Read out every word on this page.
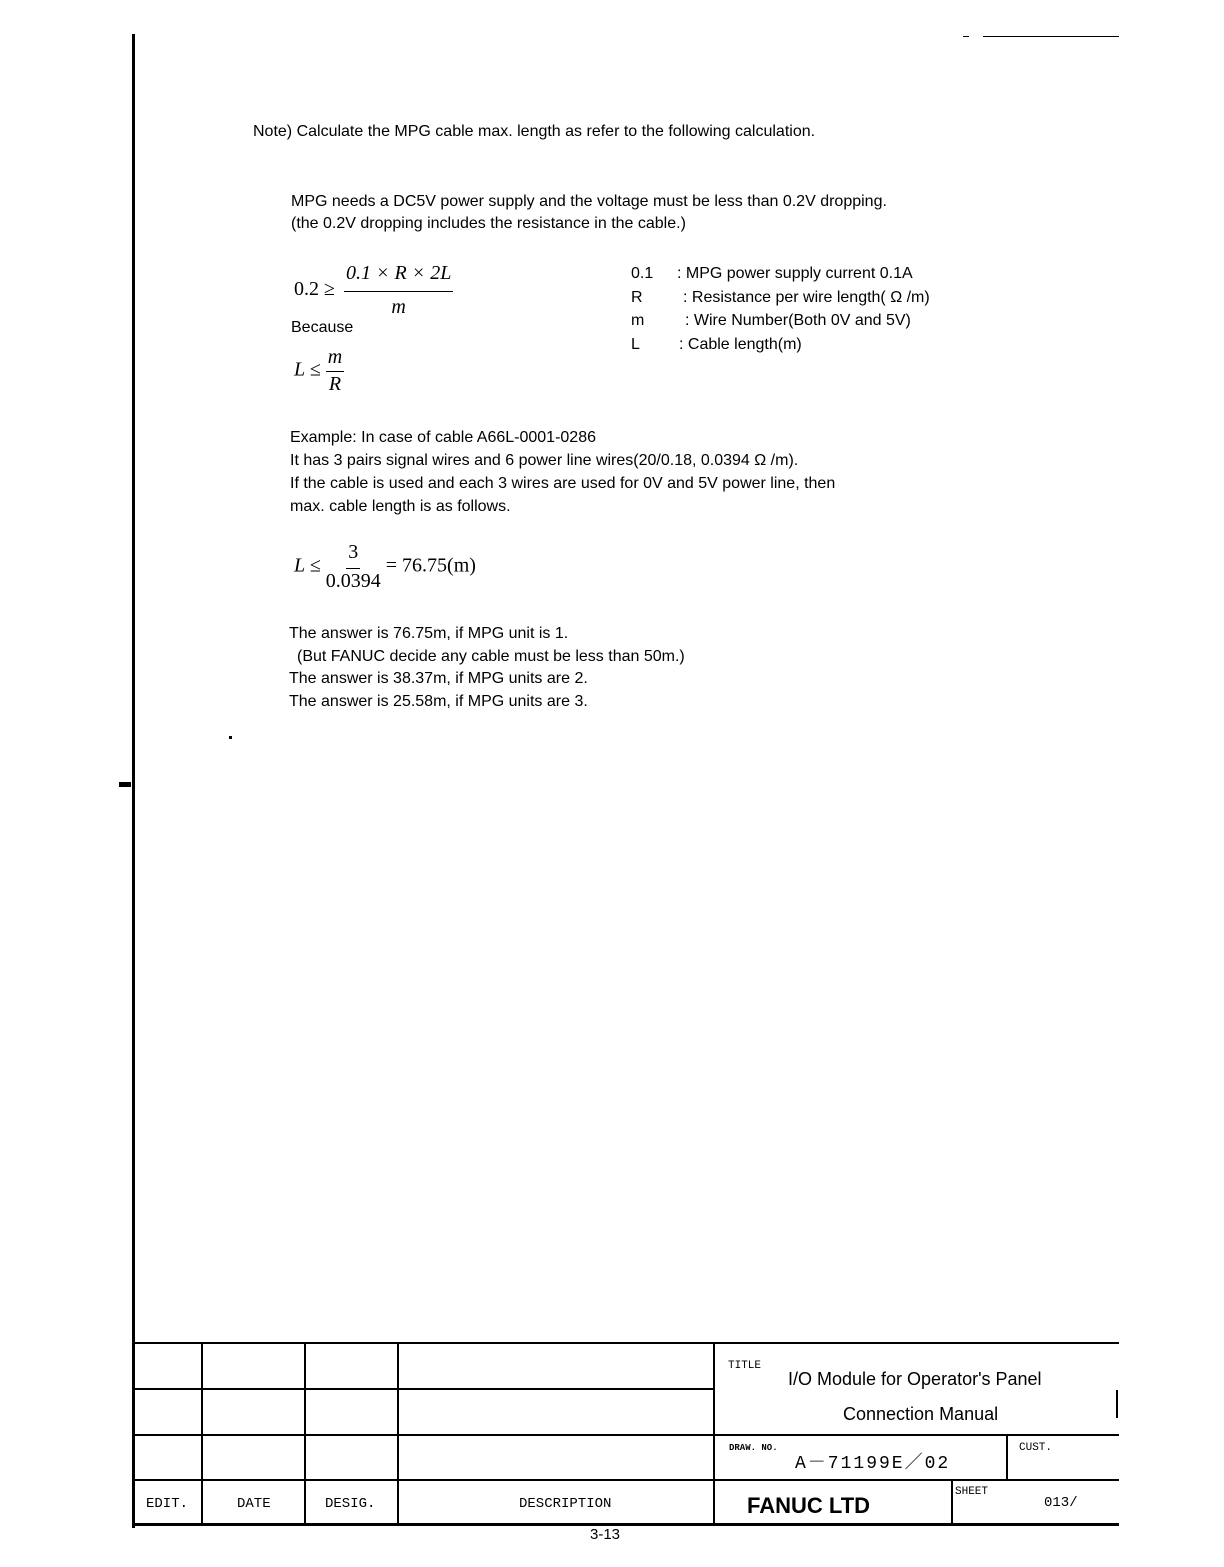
Note) Calculate the MPG cable max. length as refer to the following calculation.
MPG needs a DC5V power supply and the voltage must be less than 0.2V dropping.
(the 0.2V dropping includes the resistance in the cable.)
$0.2 \ge \frac{0.1 \times R \times 2L}{m}$
Because
$L \le \frac{m}{R}$
0.1 : MPG power supply current 0.1A
R	: Resistance per wire length( Ω /m)
m	: Wire Number(Both 0V and 5V)
L : Cable length(m)
Example: In case of cable A66L-0001-0286
It has 3 pairs signal wires and 6 power line wires(20/0.18, 0.0394 Ω /m).
If the cable is used and each 3 wires are used for 0V and 5V power line, then
max. cable length is as follows.
$L \le \frac{3}{0.0394} = 76.75(m)$
The answer is 76.75m, if MPG unit is 1.
(But FANUC decide any cable must be less than 50m.)
The answer is 38.37m, if MPG units are 2.
The answer is 25.58m, if MPG units are 3.
TITLE
I/O Module for Operator's Panel
Connection Manual
DRAW. NO.
A－71199E／02
CUST.
EDIT.	DATE	DESIG.	DESCRIPTION	FANUC LTD
SHEET
013/
3-13
